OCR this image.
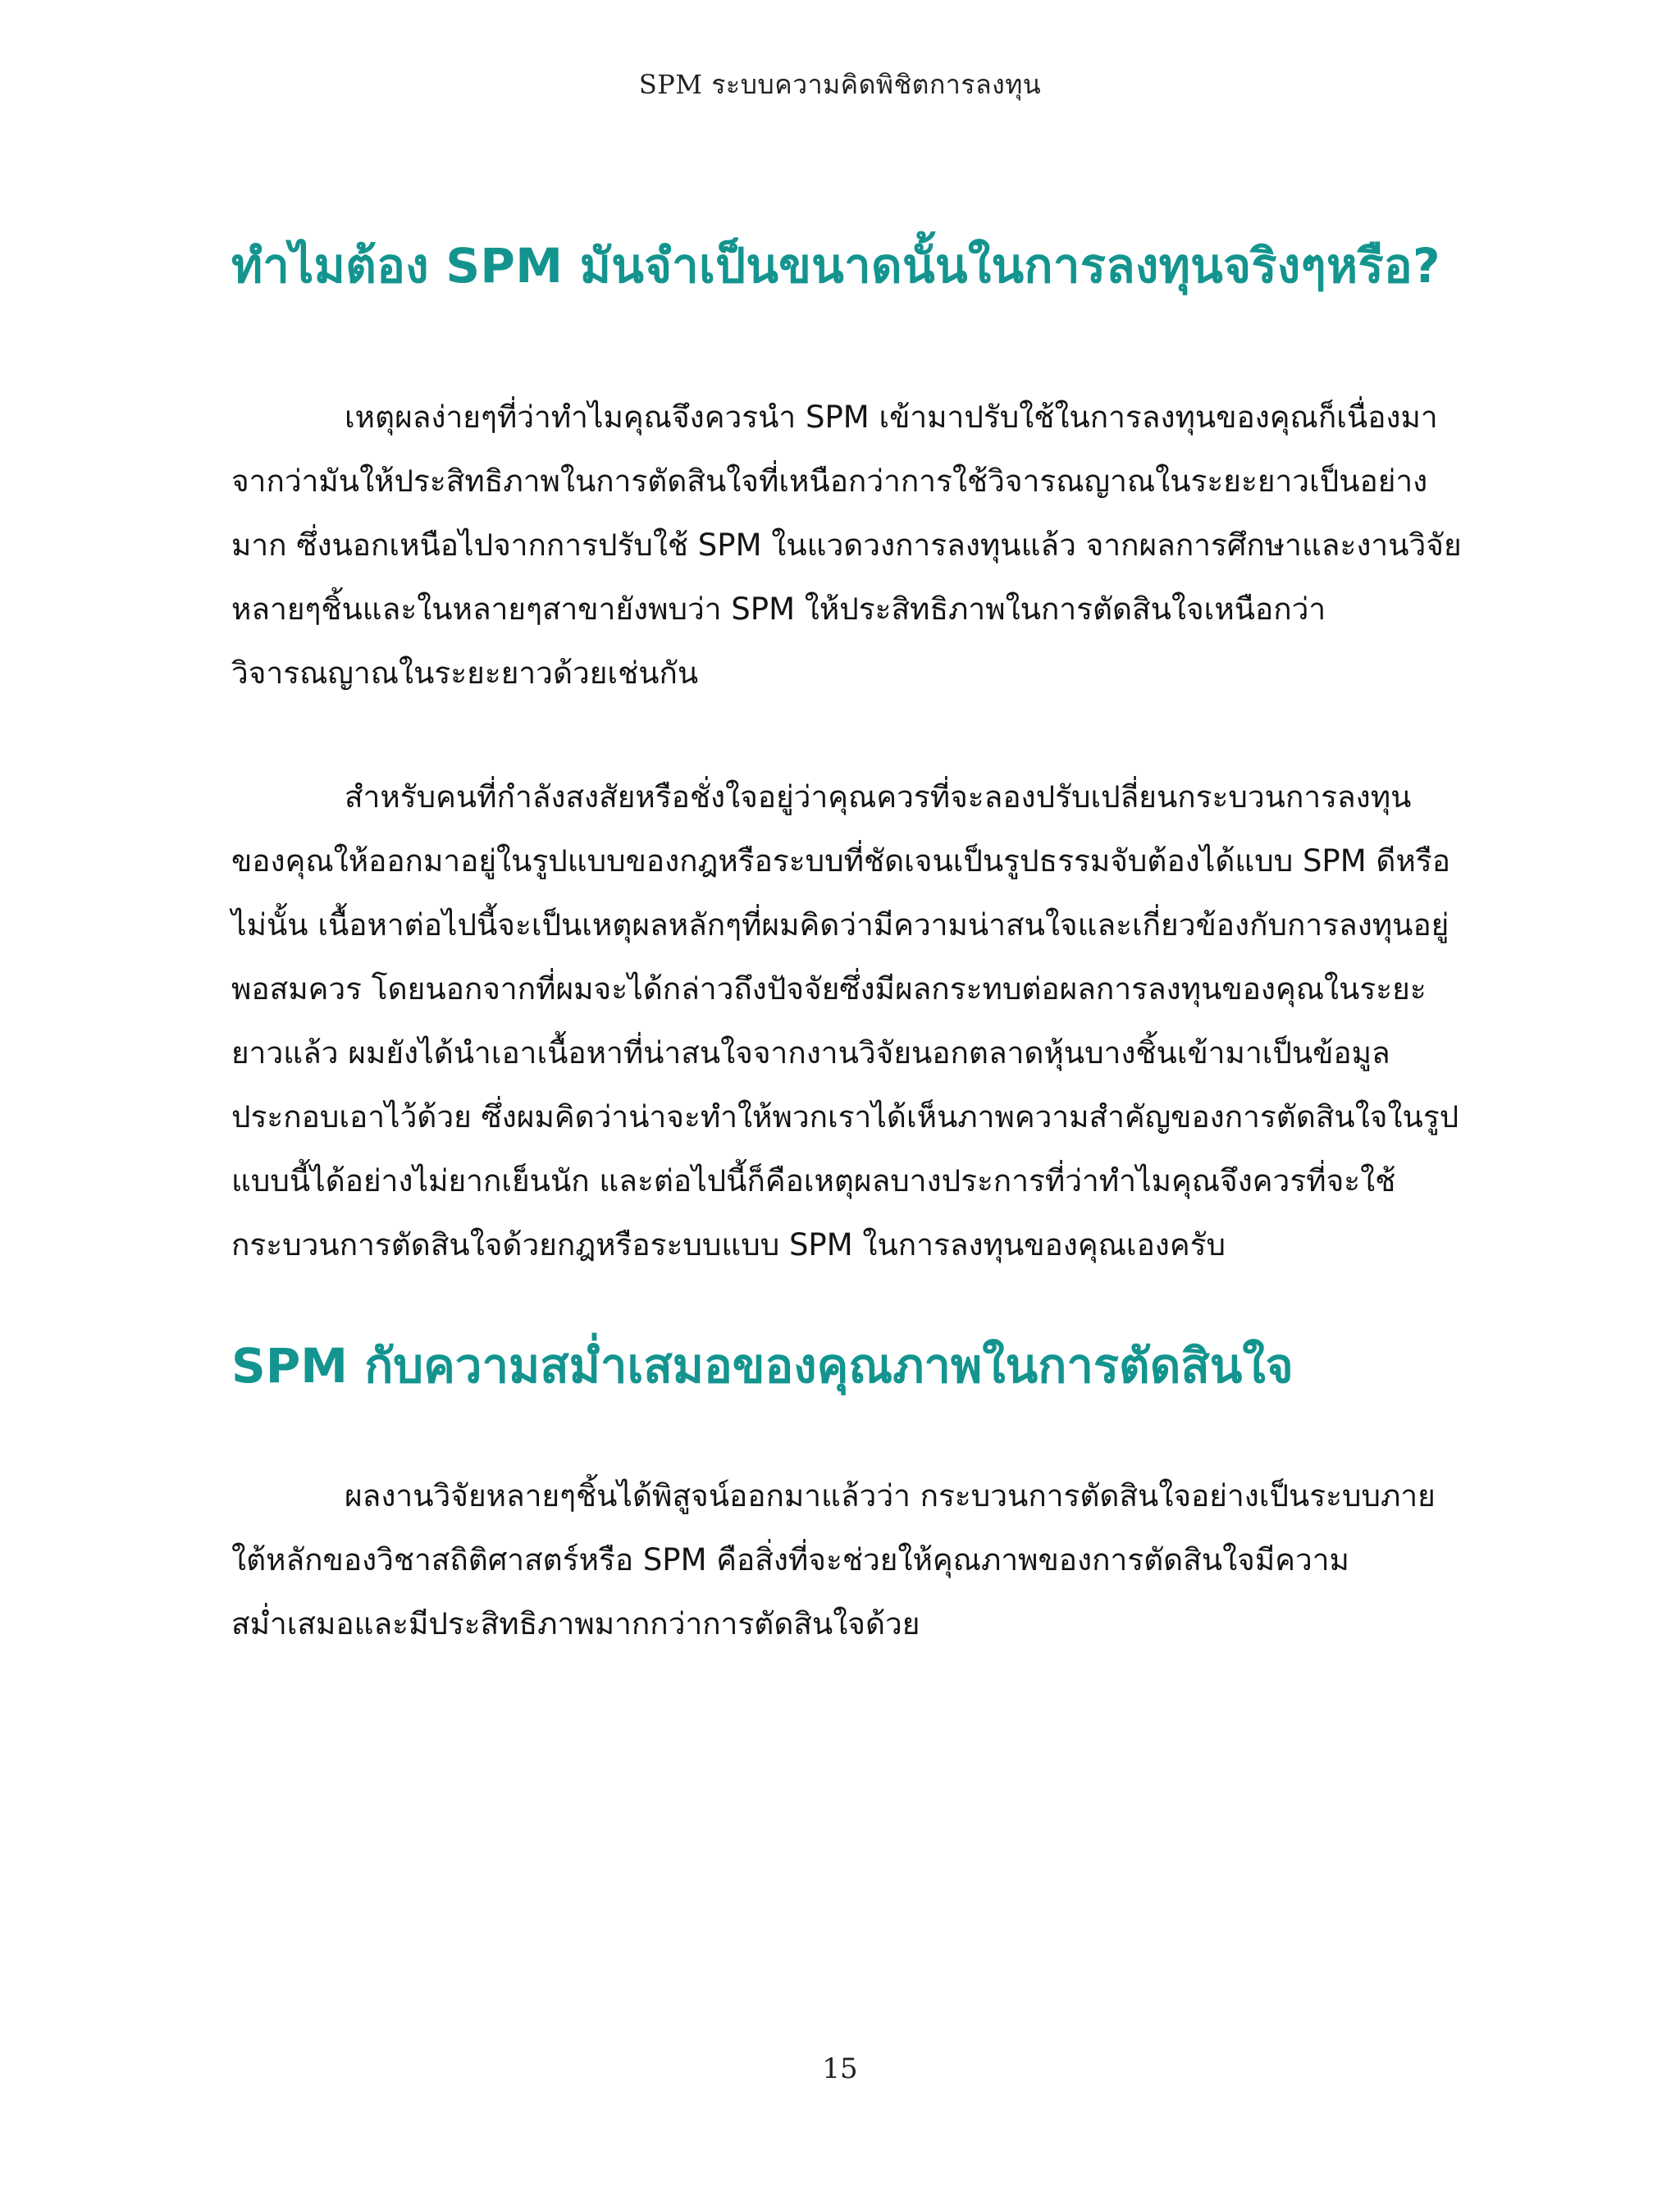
SPM ระบบความคิดพิชิตการลงทุน
ทำไมต้อง SPM มันจำเป็นขนาดนั้นในการลงทุนจริงๆหรือ?

เหตุผลง่ายๆที่ว่าทำไมคุณจึงควรนำ SPM เข้ามาปรับใช้ในการลงทุนของคุณก็เนื่องมาจากว่ามันให้ประสิทธิภาพในการตัดสินใจที่เหนือกว่าการใช้วิจารณญาณในระยะยาวเป็นอย่างมาก ซึ่งนอกเหนือไปจากการปรับใช้ SPM ในแวดวงการลงทุนแล้ว จากผลการศึกษาและงานวิจัยหลายๆชิ้นและในหลายๆสาขายังพบว่า SPM ให้ประสิทธิภาพในการตัดสินใจเหนือกว่าวิจารณญาณในระยะยาวด้วยเช่นกัน

สำหรับคนที่กำลังสงสัยหรือชั่งใจอยู่ว่าคุณควรที่จะลองปรับเปลี่ยนกระบวนการลงทุนของคุณให้ออกมาอยู่ในรูปแบบของกฎหรือระบบที่ชัดเจนเป็นรูปธรรมจับต้องได้แบบ SPM ดีหรือไม่นั้น เนื้อหาต่อไปนี้จะเป็นเหตุผลหลักๆที่ผมคิดว่ามีความน่าสนใจและเกี่ยวข้องกับการลงทุนอยู่พอสมควร โดยนอกจากที่ผมจะได้กล่าวถึงปัจจัยซึ่งมีผลกระทบต่อผลการลงทุนของคุณในระยะยาวแล้ว ผมยังได้นำเอาเนื้อหาที่น่าสนใจจากงานวิจัยนอกตลาดหุ้นบางชิ้นเข้ามาเป็นข้อมูลประกอบเอาไว้ด้วย ซึ่งผมคิดว่าน่าจะทำให้พวกเราได้เห็นภาพความสำคัญของการตัดสินใจในรูปแบบนี้ได้อย่างไม่ยากเย็นนัก และต่อไปนี้ก็คือเหตุผลบางประการที่ว่าทำไมคุณจึงควรที่จะใช้กระบวนการตัดสินใจด้วยกฎหรือระบบแบบ SPM ในการลงทุนของคุณเองครับ

SPM กับความสม่ำเสมอของคุณภาพในการตัดสินใจ

ผลงานวิจัยหลายๆชิ้นได้พิสูจน์ออกมาแล้วว่า กระบวนการตัดสินใจอย่างเป็นระบบภายใต้หลักของวิชาสถิติศาสตร์หรือ SPM คือสิ่งที่จะช่วยให้คุณภาพของการตัดสินใจมีความสม่ำเสมอและมีประสิทธิภาพมากกว่าการตัดสินใจด้วย

15
